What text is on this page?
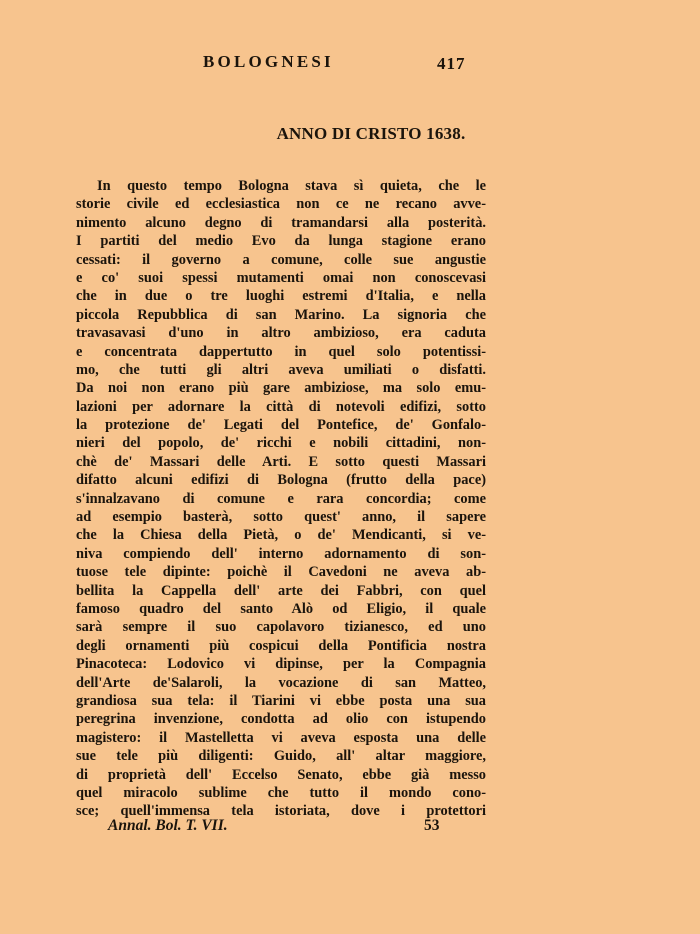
BOLOGNESI	417
ANNO DI CRISTO 1638.
In questo tempo Bologna stava sì quieta, che le
storie civile ed ecclesiastica non ce ne recano avve-
nimento alcuno degno di tramandarsi alla posterità.
I partiti del medio Evo da lunga stagione erano
cessati: il governo a comune, colle sue angustie
e co' suoi spessi mutamenti omai non conoscevasi
che in due o tre luoghi estremi d'Italia, e nella
piccola Repubblica di san Marino. La signoria che
travasavasi d'uno in altro ambizioso, era caduta
e concentrata dappertutto in quel solo potentissi-
mo, che tutti gli altri aveva umiliati o disfatti.
Da noi non erano più gare ambiziose, ma solo emu-
lazioni per adornare la città di notevoli edifizi, sotto
la protezione de' Legati del Pontefice, de' Gonfalo-
nieri del popolo, de' ricchi e nobili cittadini, non-
chè de' Massari delle Arti. E sotto questi Massari
difatto alcuni edifizi di Bologna (frutto della pace)
s'innalzavano di comune e rara concordia; come
ad esempio basterà, sotto quest' anno, il sapere
che la Chiesa della Pietà, o de' Mendicanti, si ve-
niva compiendo dell' interno adornamento di son-
tuose tele dipinte: poichè il Cavedoni ne aveva ab-
bellita la Cappella dell' arte dei Fabbri, con quel
famoso quadro del santo Alò od Eligio, il quale
sarà sempre il suo capolavoro tizianesco, ed uno
degli ornamenti più cospicui della Pontificia nostra
Pinacoteca: Lodovico vi dipinse, per la Compagnia
dell'Arte de'Salaroli, la vocazione di san Matteo,
grandiosa sua tela: il Tiarini vi ebbe posta una sua
peregrina invenzione, condotta ad olio con istupendo
magistero: il Mastelletta vi aveva esposta una delle
sue tele più diligenti: Guido, all' altar maggiore,
di proprietà dell' Eccelso Senato, ebbe già messo
quel miracolo sublime che tutto il mondo cono-
sce; quell'immensa tela istoriata, dove i protettori
Annal. Bol. T. VII.	53
